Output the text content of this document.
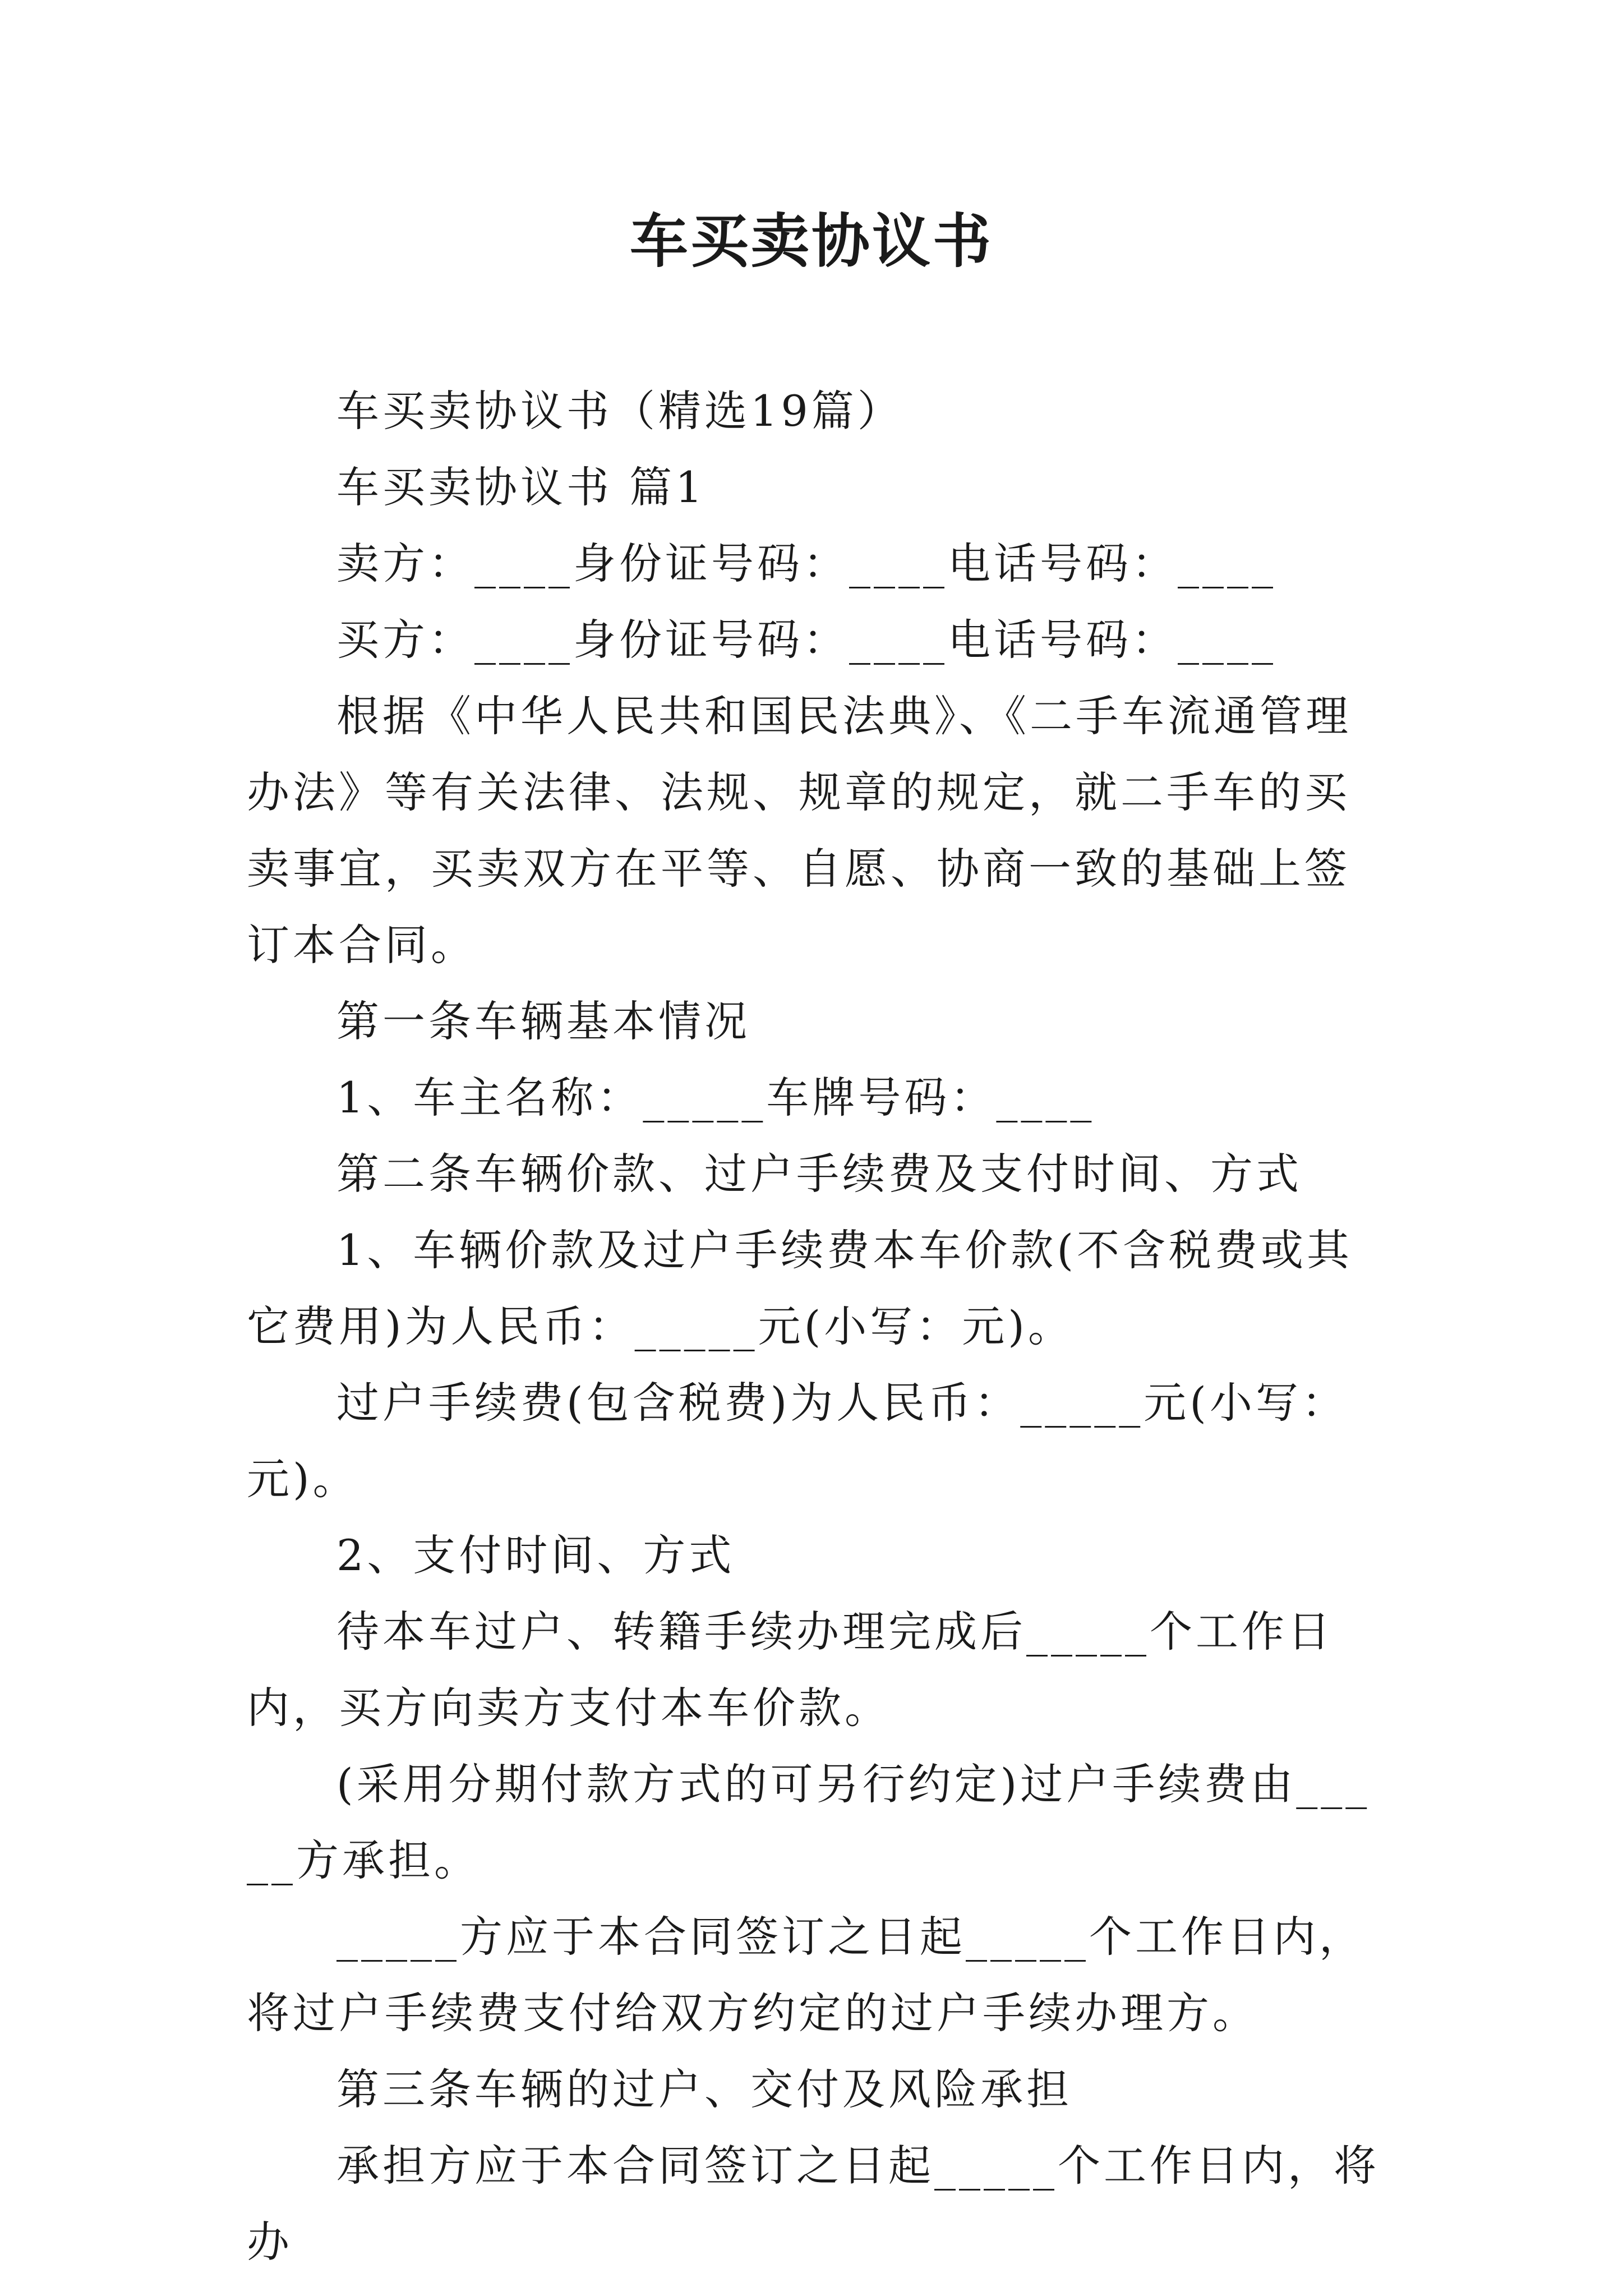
车买卖协议书

车买卖协议书（精选19篇）

车买卖协议书 篇1

卖方：____身份证号码：____电话号码：____

买方：____身份证号码：____电话号码：____

根据《中华人民共和国民法典》、《二手车流通管理办法》等有关法律、法规、规章的规定，就二手车的买卖事宜，买卖双方在平等、自愿、协商一致的基础上签订本合同。

第一条车辆基本情况

1、车主名称：_____车牌号码：____

第二条车辆价款、过户手续费及支付时间、方式

1、车辆价款及过户手续费本车价款(不含税费或其它费用)为人民币：_____元(小写：元)。

过户手续费(包含税费)为人民币：_____元(小写：元)。

2、支付时间、方式

待本车过户、转籍手续办理完成后_____个工作日内，买方向卖方支付本车价款。

(采用分期付款方式的可另行约定)过户手续费由_____方承担。

_____方应于本合同签订之日起_____个工作日内，将过户手续费支付给双方约定的过户手续办理方。

第三条车辆的过户、交付及风险承担

承担方应于本合同签订之日起_____个工作日内，将办
